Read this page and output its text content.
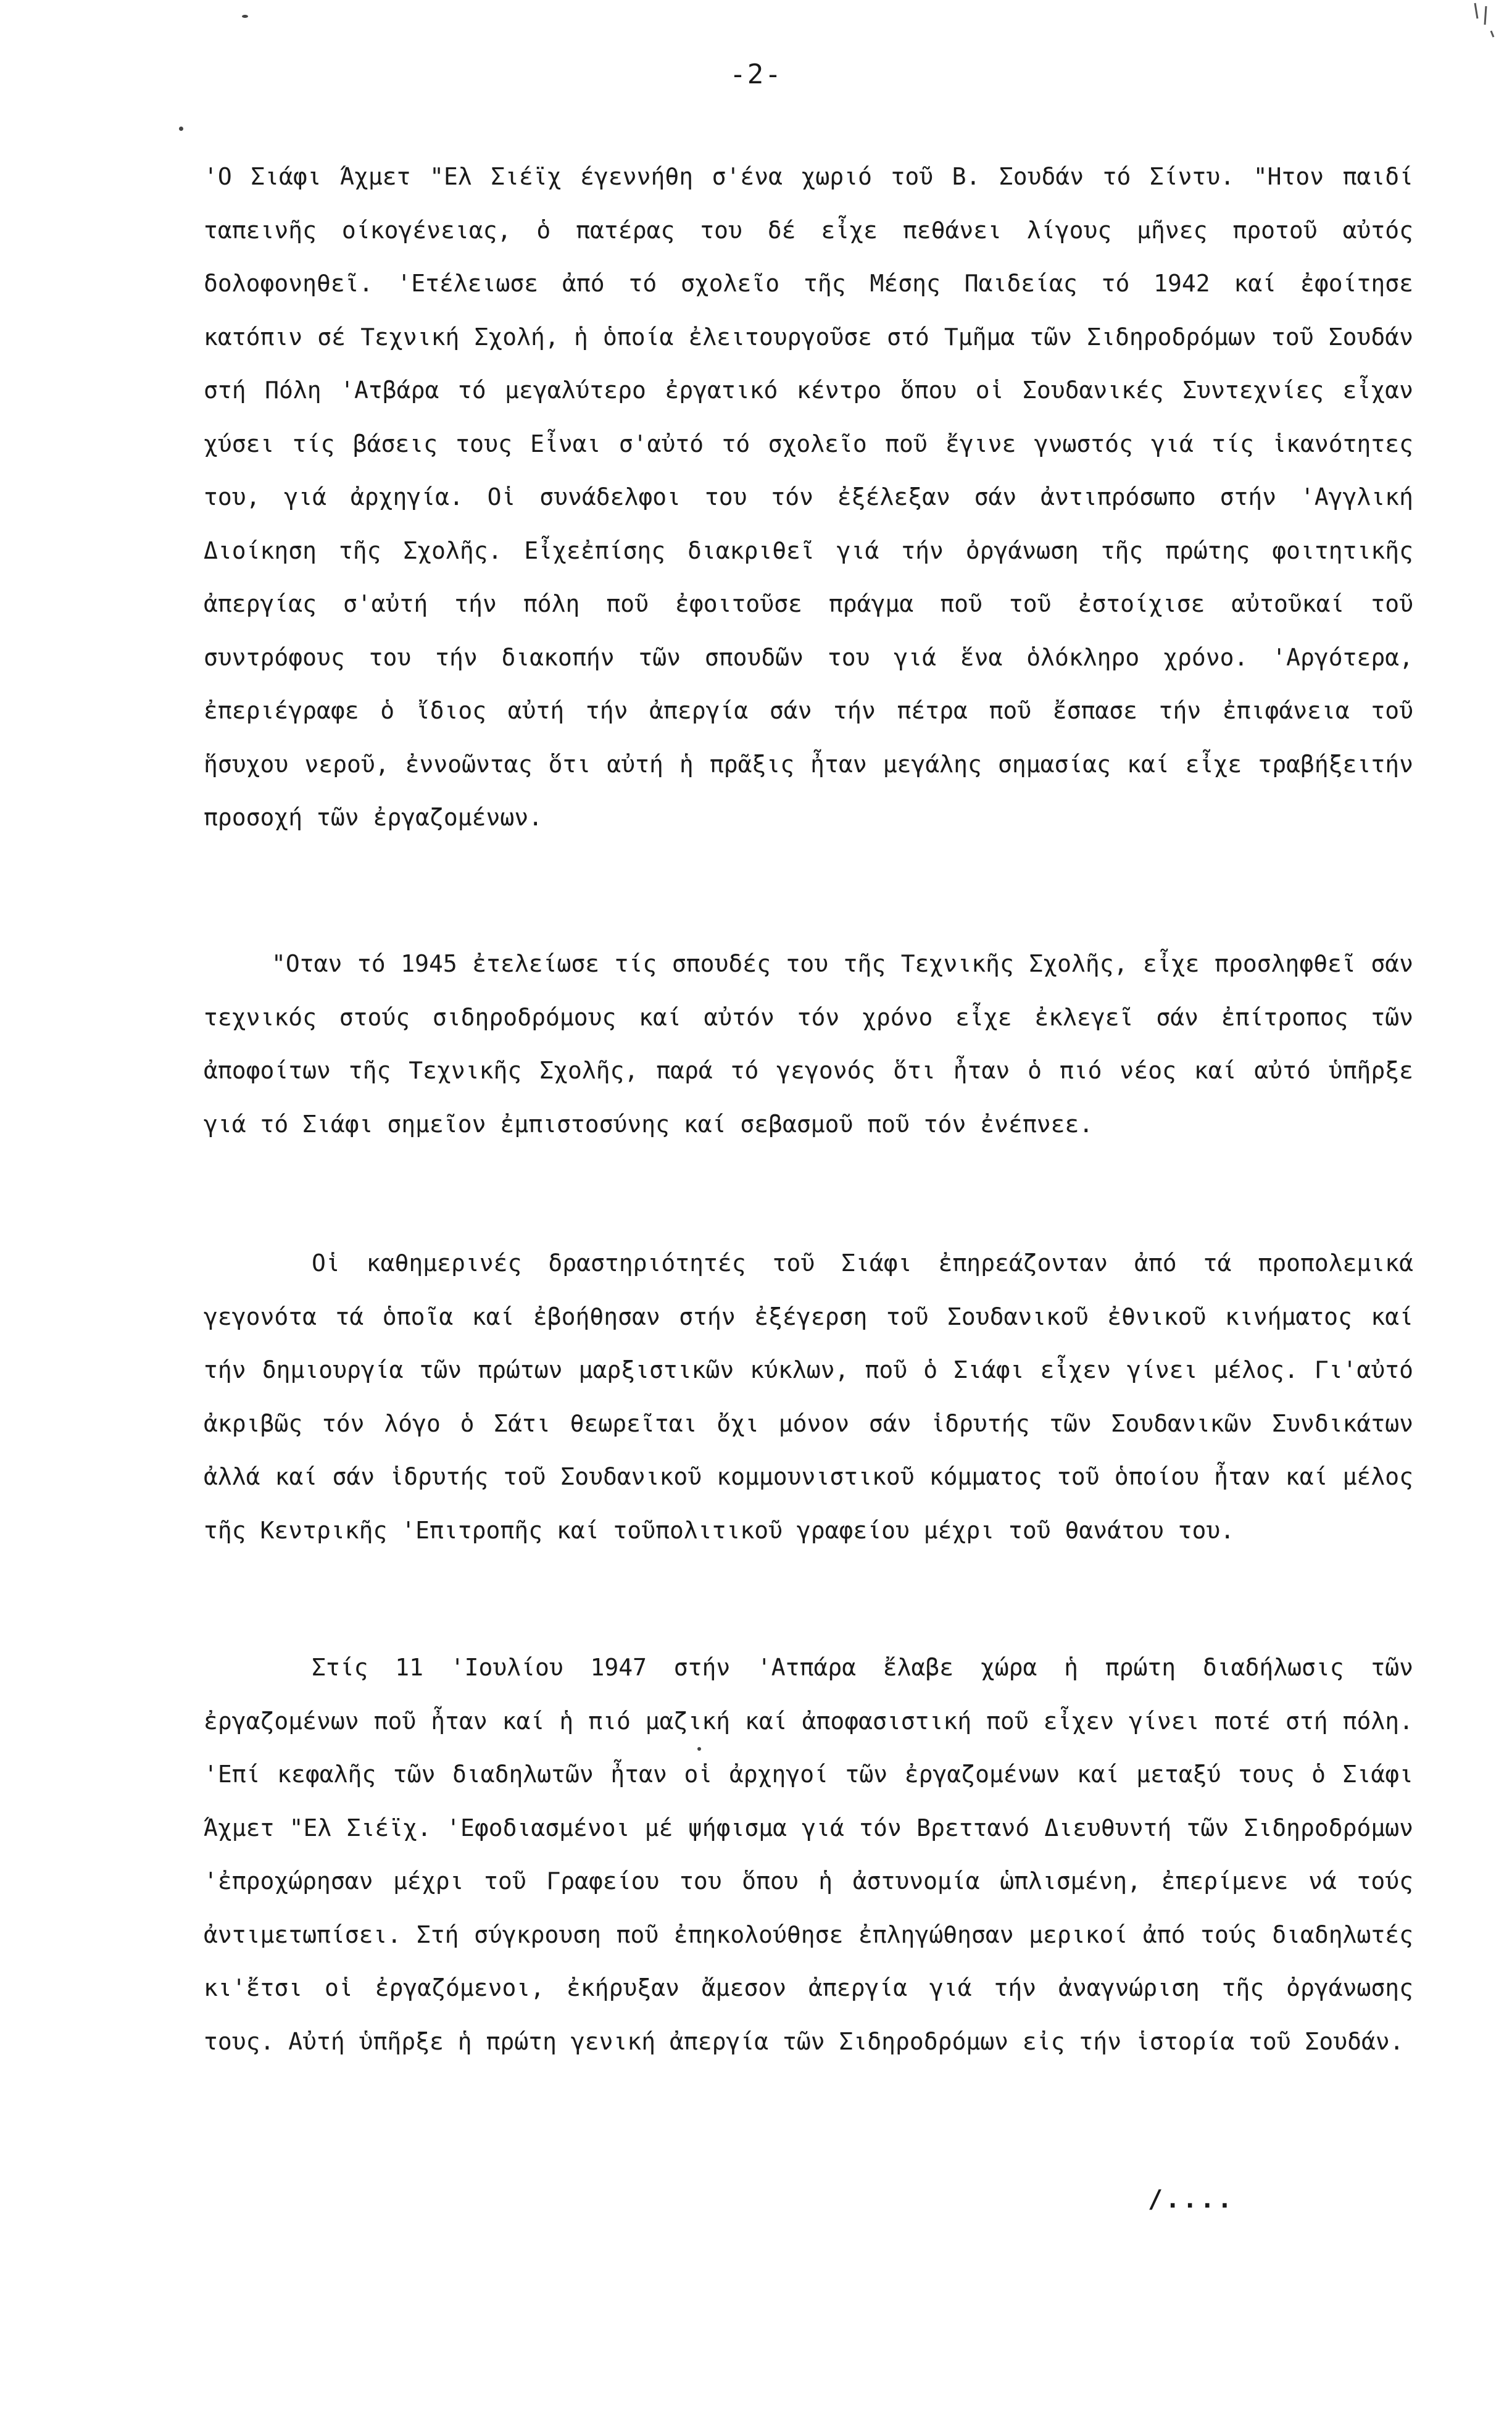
-2-

'Ο Σιάφι Άχμετ "Ελ Σιέϊχ έγεννήθη σ'ένα χωριό τοῦ Β. Σουδάν τό Σίντυ. "Ητον παιδί ταπεινῆς οίκογένειας, ὁ πατέρας του δέ εἶχε πεθάνει λίγους μῆνες προτοῦ αὐτός δολοφονηθεῖ. 'Ετέλειωσε ἀπό τό σχολεῖο τῆς Μέσης Παιδείας τό 1942 καί ἐφοίτησε κατόπιν σέ Τεχνική Σχολή, ἡ ὁποία ἐλειτουργοῦσε στό Τμῆμα τῶν Σιδηροδρόμων τοῦ Σουδάν στή Πόλη 'Ατβάρα τό μεγαλύτερο ἐργατικό κέντρο ὅπου οἱ Σουδανικές Συντεχνίες εἶχαν χύσει τίς βάσεις τους Εἶναι σ'αὐτό τό σχολεῖο ποῦ ἔγινε γνωστός γιά τίς ἱκανότητες του, γιά ἀρχηγία. Οἱ συνάδελφοι του τόν ἐξέλεξαν σάν ἀντιπρόσωπο στήν 'Αγγλική Διοίκηση τῆς Σχολῆς. Εἶχεἐπίσης διακριθεῖ γιά τήν ὀργάνωση τῆς πρώτης φοιτητικῆς ἀπεργίας σ'αὐτή τήν πόλη ποῦ ἐφοιτοῦσε πράγμα ποῦ τοῦ ἐστοίχισε αὐτοῦκαί τοῦ συντρόφους του τήν διακοπήν τῶν σπουδῶν του γιά ἕνα ὁλόκληρο χρόνο. 'Αργότερα, ἐπεριέγραφε ὁ ἴδιος αὐτή τήν ἀπεργία σάν τήν πέτρα ποῦ ἔσπασε τήν ἐπιφάνεια τοῦ ἥσυχου νεροῦ, ἐννοῶντας ὅτι αὐτή ἡ πρᾶξις ἦταν μεγάλης σημασίας καί εἶχε τραβήξειτήν προσοχή τῶν ἐργαζομένων.

"Οταν τό 1945 ἐτελείωσε τίς σπουδές του τῆς Τεχνικῆς Σχολῆς, εἶχε προσληφθεῖ σάν τεχνικός στούς σιδηροδρόμους καί αὐτόν τόν χρόνο εἶχε ἐκλεγεῖ σάν ἐπίτροπος τῶν ἀποφοίτων τῆς Τεχνικῆς Σχολῆς, παρά τό γεγονός ὅτι ἦταν ὁ πιό νέος καί αὐτό ὑπῆρξε γιά τό Σιάφι σημεῖον ἐμπιστοσύνης καί σεβασμοῦ ποῦ τόν ἐνέπνεε.

Οἱ καθημερινές δραστηριότητές τοῦ Σιάφι ἐπηρεάζονταν ἀπό τά προπολεμικά γεγονότα τά ὁποῖα καί ἐβοήθησαν στήν ἐξέγερση τοῦ Σουδανικοῦ ἐθνικοῦ κινήματος καί τήν δημιουργία τῶν πρώτων μαρξιστικῶν κύκλων, ποῦ ὁ Σιάφι εἶχεν γίνει μέλος. Γι'αὐτό ἀκριβῶς τόν λόγο ὁ Σάτι θεωρεῖται ὄχι μόνον σάν ἱδρυτής τῶν Σουδανικῶν Συνδικάτων ἀλλά καί σάν ἱδρυτής τοῦ Σουδανικοῦ κομμουνιστικοῦ κόμματος τοῦ ὁποίου ἦταν καί μέλος τῆς Κεντρικῆς 'Επιτροπῆς καί τοῦπολιτικοῦ γραφείου μέχρι τοῦ θανάτου του.

Στίς 11 'Ιουλίου 1947 στήν 'Ατπάρα ἔλαβε χώρα ἡ πρώτη διαδήλωσις τῶν ἐργαζομένων ποῦ ἦταν καί ἡ πιό μαζική καί ἀποφασιστική ποῦ εἶχεν γίνει ποτέ στή πόλη. 'Επί κεφαλῆς τῶν διαδηλωτῶν ἦταν οἱ ἀρχηγοί τῶν ἐργαζομένων καί μεταξύ τους ὁ Σιάφι Άχμετ "Ελ Σιέϊχ. 'Εφοδιασμένοι μέ ψήφισμα γιά τόν Βρεττανό Διευθυντή τῶν Σιδηροδρόμων 'ἐπροχώρησαν μέχρι τοῦ Γραφείου του ὅπου ἡ ἀστυνομία ὡπλισμένη, ἐπερίμενε νά τούς ἀντιμετωπίσει. Στή σύγκρουση ποῦ ἐπηκολούθησε ἐπληγώθησαν μερικοί ἀπό τούς διαδηλωτές κι'ἔτσι οἱ ἐργαζόμενοι, ἐκήρυξαν ἄμεσον ἀπεργία γιά τήν ἀναγνώριση τῆς ὀργάνωσης τους. Αὐτή ὑπῆρξε ἡ πρώτη γενική ἀπεργία τῶν Σιδηροδρόμων εἰς τήν ἱστορία τοῦ Σουδάν.

/....
